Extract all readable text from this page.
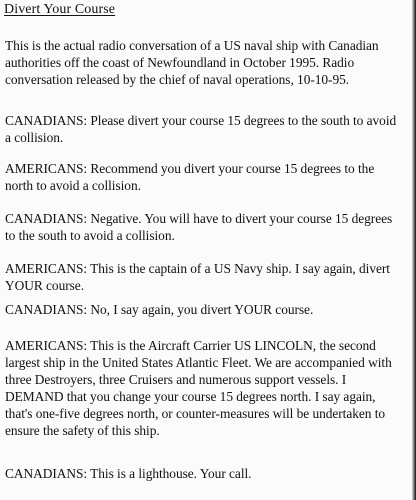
Divert Your Course

This is the actual radio conversation of a US naval ship with Canadian authorities off the coast of Newfoundland in October 1995. Radio conversation released by the chief of naval operations, 10-10-95.

CANADIANS: Please divert your course 15 degrees to the south to avoid a collision.

AMERICANS: Recommend you divert your course 15 degrees to the north to avoid a collision.

CANADIANS: Negative. You will have to divert your course 15 degrees to the south to avoid a collision.

AMERICANS: This is the captain of a US Navy ship. I say again, divert YOUR course.

CANADIANS: No, I say again, you divert YOUR course.

AMERICANS: This is the Aircraft Carrier US LINCOLN, the second largest ship in the United States Atlantic Fleet. We are accompanied with three Destroyers, three Cruisers and numerous support vessels. I DEMAND that you change your course 15 degrees north. I say again, that's one-five degrees north, or counter-measures will be undertaken to ensure the safety of this ship.

CANADIANS: This is a lighthouse. Your call.
